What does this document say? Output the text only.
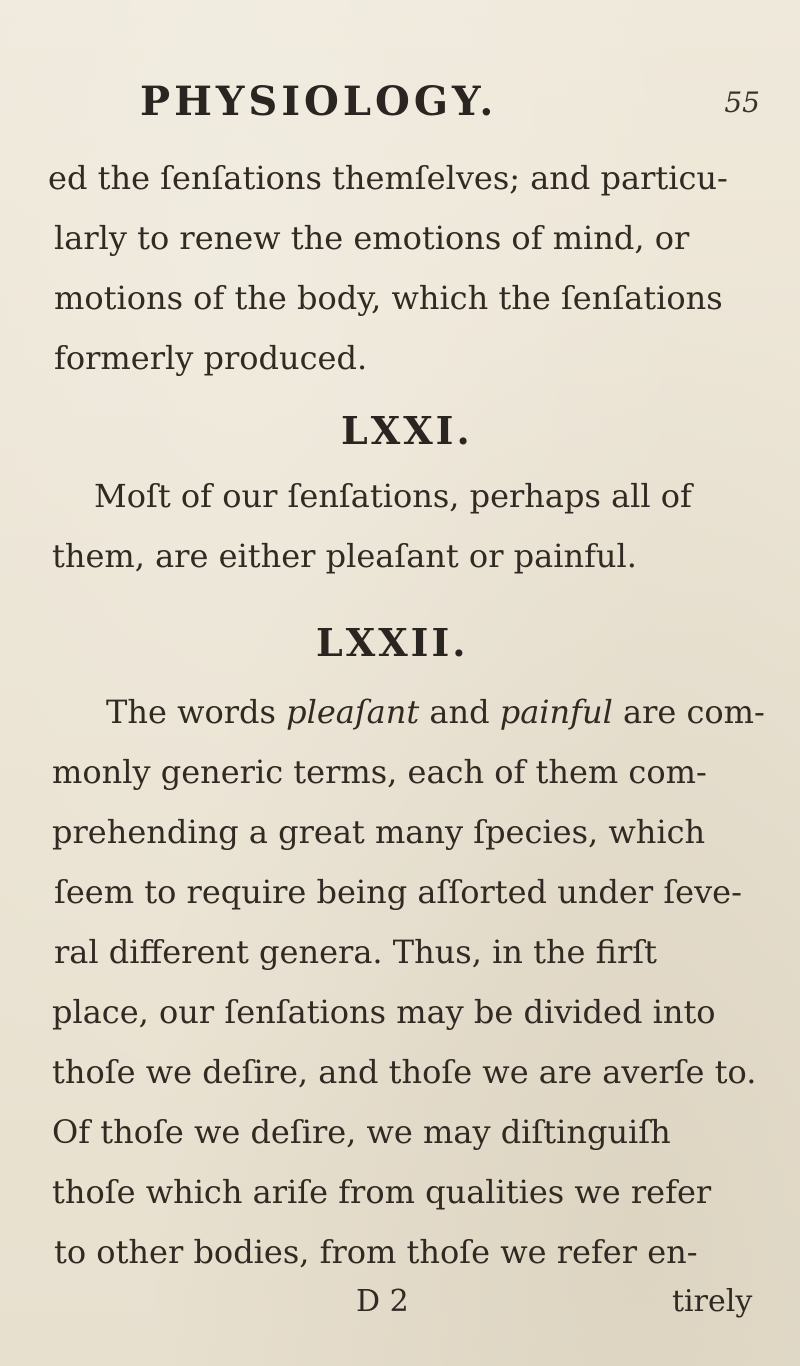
PHYSIOLOGY.	55
ed the ſenſations themſelves; and particu-
larly to renew the emotions of mind, or
motions of the body, which the ſenſations
formerly produced.
LXXI.
Moſt of our ſenſations, perhaps all of
them, are either pleaſant or painful.
LXXII.
The words pleaſant and painful are com-
monly generic terms, each of them com-
prehending a great many ſpecies, which
ſeem to require being aſſorted under ſeve-
ral different genera. Thus, in the firſt
place, our ſenſations may be divided into
thoſe we deſire, and thoſe we are averſe to.
Of thoſe we deſire, we may diſtinguiſh
thoſe which ariſe from qualities we refer
to other bodies, from thoſe we refer en-
D 2	tirely
